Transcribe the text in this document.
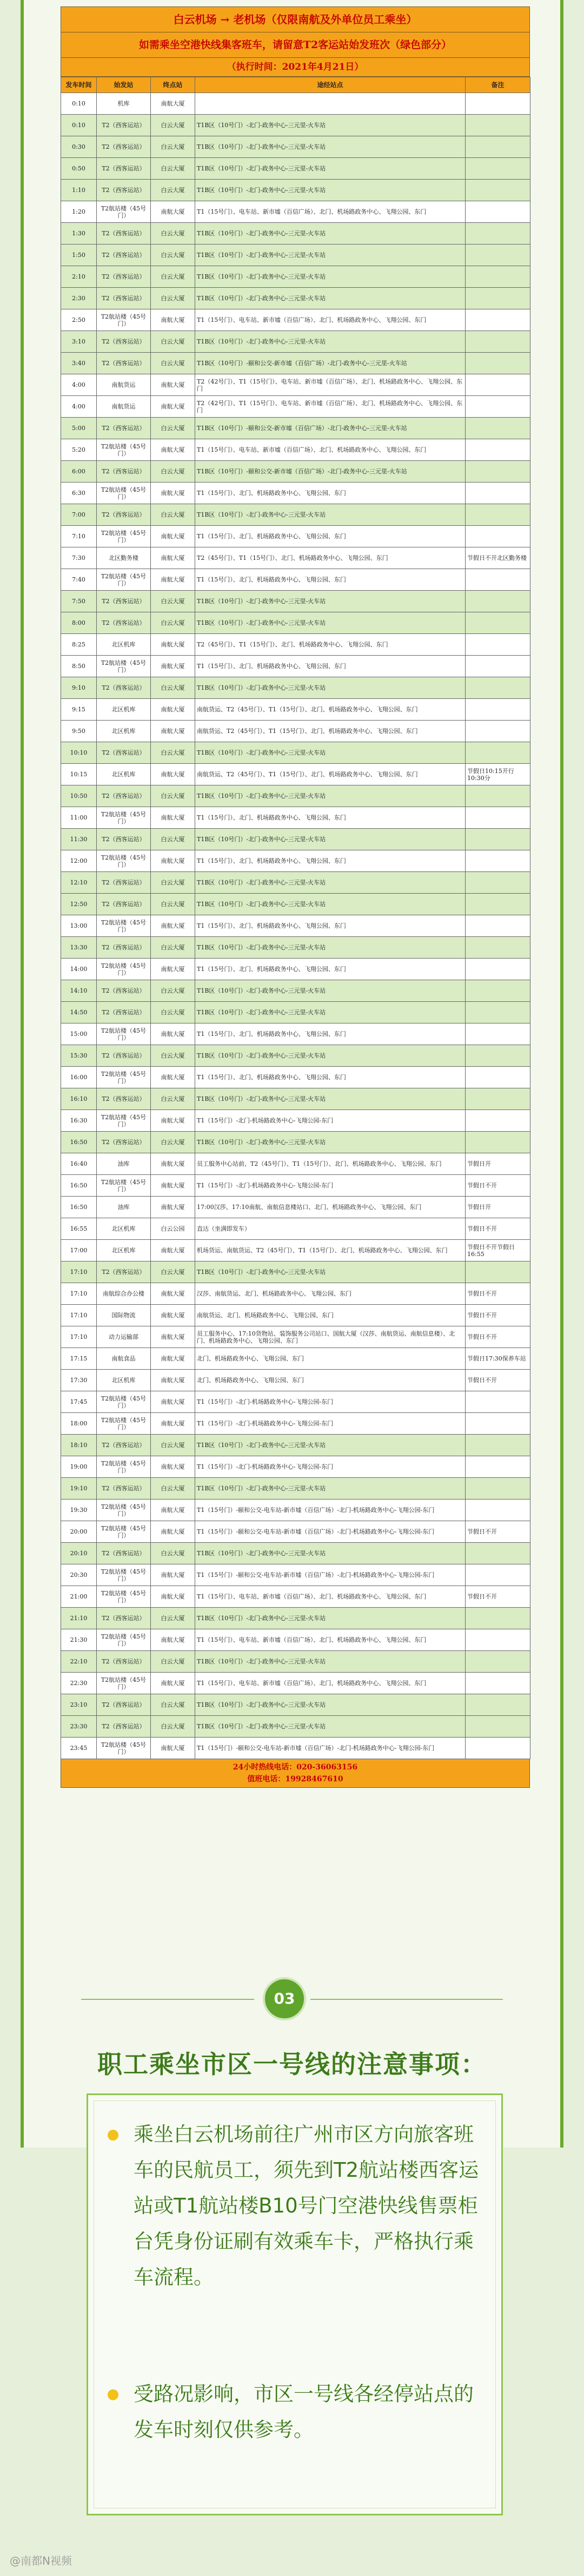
白云机场 → 老机场（仅限南航及外单位员工乘坐）
如需乘坐空港快线集客班车，请留意T2客运站始发班次（绿色部分）
（执行时间：2021年4月21日）
发车时间	始发站	终点站	途经站点	备注
0:10	机库	南航大厦		
0:10	T2（西客运站）	白云大厦	T1B区（10号门）-北门-政务中心-三元里-火车站	
0:30	T2（西客运站）	白云大厦	T1B区（10号门）-北门-政务中心-三元里-火车站	
0:50	T2（西客运站）	白云大厦	T1B区（10号门）-北门-政务中心-三元里-火车站	
1:10	T2（西客运站）	白云大厦	T1B区（10号门）-北门-政务中心-三元里-火车站	
1:20	T2航站楼（45号门）	南航大厦	T1（15号门）、电车站、新市墟（百信广场）、北门、机场路政务中心、飞翔公园、东门	
1:30	T2（西客运站）	白云大厦	T1B区（10号门）-北门-政务中心-三元里-火车站	
1:50	T2（西客运站）	白云大厦	T1B区（10号门）-北门-政务中心-三元里-火车站	
2:10	T2（西客运站）	白云大厦	T1B区（10号门）-北门-政务中心-三元里-火车站	
2:30	T2（西客运站）	白云大厦	T1B区（10号门）-北门-政务中心-三元里-火车站	
2:50	T2航站楼（45号门）	南航大厦	T1（15号门）、电车站、新市墟（百信广场）、北门、机场路政务中心、飞翔公园、东门	
3:10	T2（西客运站）	白云大厦	T1B区（10号门）-北门-政务中心-三元里-火车站	
3:40	T2（西客运站）	白云大厦	T1B区（10号门）-颐和公交-新市墟（百信广场）-北门-政务中心-三元里-火车站	
4:00	南航货运	南航大厦	T2（42号门）、T1（15号门）、电车站、新市墟（百信广场）、北门、机场路政务中心、飞翔公园、东门	
4:00	南航货运	南航大厦	T2（42号门）、T1（15号门）、电车站、新市墟（百信广场）、北门、机场路政务中心、飞翔公园、东门	
5:00	T2（西客运站）	白云大厦	T1B区（10号门）-颐和公交-新市墟（百信广场）-北门-政务中心-三元里-火车站	
5:20	T2航站楼（45号门）	南航大厦	T1（15号门）、电车站、新市墟（百信广场）、北门、机场路政务中心、飞翔公园、东门	
6:00	T2（西客运站）	白云大厦	T1B区（10号门）-颐和公交-新市墟（百信广场）-北门-政务中心-三元里-火车站	
6:30	T2航站楼（45号门）	南航大厦	T1（15号门）、北门、机场路政务中心、飞翔公园、东门	
7:00	T2（西客运站）	白云大厦	T1B区（10号门）-北门-政务中心-三元里-火车站	
7:10	T2航站楼（45号门）	南航大厦	T1（15号门）、北门、机场路政务中心、飞翔公园、东门	
7:30	北区勤务楼	南航大厦	T2（45号门）、T1（15号门）、北门、机场路政务中心、飞翔公园、东门	节假日不开北区勤务楼
7:40	T2航站楼（45号门）	南航大厦	T1（15号门）、北门、机场路政务中心、飞翔公园、东门	
7:50	T2（西客运站）	白云大厦	T1B区（10号门）-北门-政务中心-三元里-火车站	
8:00	T2（西客运站）	白云大厦	T1B区（10号门）-北门-政务中心-三元里-火车站	
8:25	北区机库	南航大厦	T2（45号门）、T1（15号门）、北门、机场路政务中心、飞翔公园、东门	
8:50	T2航站楼（45号门）	南航大厦	T1（15号门）、北门、机场路政务中心、飞翔公园、东门	
9:10	T2（西客运站）	白云大厦	T1B区（10号门）-北门-政务中心-三元里-火车站	
9:15	北区机库	南航大厦	南航货运、T2（45号门）、T1（15号门）、北门、机场路政务中心、飞翔公园、东门	
9:50	北区机库	南航大厦	南航货运、T2（45号门）、T1（15号门）、北门、机场路政务中心、飞翔公园、东门	
10:10	T2（西客运站）	白云大厦	T1B区（10号门）-北门-政务中心-三元里-火车站	
10:15	北区机库	南航大厦	南航货运、T2（45号门）、T1（15号门）、北门、机场路政务中心、飞翔公园、东门	节假日10:15开行10:30分
10:50	T2（西客运站）	白云大厦	T1B区（10号门）-北门-政务中心-三元里-火车站	
11:00	T2航站楼（45号门）	南航大厦	T1（15号门）、北门、机场路政务中心、飞翔公园、东门	
11:30	T2（西客运站）	白云大厦	T1B区（10号门）-北门-政务中心-三元里-火车站	
12:00	T2航站楼（45号门）	南航大厦	T1（15号门）、北门、机场路政务中心、飞翔公园、东门	
12:10	T2（西客运站）	白云大厦	T1B区（10号门）-北门-政务中心-三元里-火车站	
12:50	T2（西客运站）	白云大厦	T1B区（10号门）-北门-政务中心-三元里-火车站	
13:00	T2航站楼（45号门）	南航大厦	T1（15号门）、北门、机场路政务中心、飞翔公园、东门	
13:30	T2（西客运站）	白云大厦	T1B区（10号门）-北门-政务中心-三元里-火车站	
14:00	T2航站楼（45号门）	南航大厦	T1（15号门）、北门、机场路政务中心、飞翔公园、东门	
14:10	T2（西客运站）	白云大厦	T1B区（10号门）-北门-政务中心-三元里-火车站	
14:50	T2（西客运站）	白云大厦	T1B区（10号门）-北门-政务中心-三元里-火车站	
15:00	T2航站楼（45号门）	南航大厦	T1（15号门）、北门、机场路政务中心、飞翔公园、东门	
15:30	T2（西客运站）	白云大厦	T1B区（10号门）-北门-政务中心-三元里-火车站	
16:00	T2航站楼（45号门）	南航大厦	T1（15号门）、北门、机场路政务中心、飞翔公园、东门	
16:10	T2（西客运站）	白云大厦	T1B区（10号门）-北门-政务中心-三元里-火车站	
16:30	T2航站楼（45号门）	南航大厦	T1（15号门）-北门-机场路政务中心-飞翔公园-东门	
16:50	T2（西客运站）	白云大厦	T1B区（10号门）-北门-政务中心-三元里-火车站	
16:40	油库	南航大厦	员工服务中心站前、T2（45号门）、T1（15号门）、北门、机场路政务中心、飞翔公园、东门	节假日开
16:50	T2航站楼（45号门）	南航大厦	T1（15号门）-北门-机场路政务中心-飞翔公园-东门	节假日不开
16:50	油库	南航大厦	17:00汉莎、17:10南航、南航信息楼站口、北门、机场路政务中心、飞翔公园、东门	节假日开
16:55	北区机库	白云公园	直达（坐满即发车）	节假日不开
17:00	北区机库	南航大厦	机场货运、南航货运、T2（45号门）、T1（15号门）、北门、机场路政务中心、飞翔公园、东门	节假日不开节假日16:55
17:10	T2（西客运站）	白云大厦	T1B区（10号门）-北门-政务中心-三元里-火车站	
17:10	南航综合办公楼	南航大厦	汉莎、南航货运、北门、机场路政务中心、飞翔公园、东门	节假日不开
17:10	国际物流	南航大厦	南航货运、北门、机场路政务中心、飞翔公园、东门	节假日不开
17:10	动力运输部	南航大厦	员工服务中心、17:10货物站、装饰服务公司站口、国航大厦（汉莎、南航货运、南航信息楼）、北门、机场路政务中心、飞翔公园、东门	节假日不开
17:15	南航食品	南航大厦	北门、机场路政务中心、飞翔公园、东门	节假日17:30保养车站
17:30	北区机库	南航大厦	北门、机场路政务中心、飞翔公园、东门	节假日不开
17:45	T2航站楼（45号门）	南航大厦	T1（15号门）-北门-机场路政务中心-飞翔公园-东门	
18:00	T2航站楼（45号门）	南航大厦	T1（15号门）-北门-机场路政务中心-飞翔公园-东门	
18:10	T2（西客运站）	白云大厦	T1B区（10号门）-北门-政务中心-三元里-火车站	
19:00	T2航站楼（45号门）	南航大厦	T1（15号门）-北门-机场路政务中心-飞翔公园-东门	
19:10	T2（西客运站）	白云大厦	T1B区（10号门）-北门-政务中心-三元里-火车站	
19:30	T2航站楼（45号门）	南航大厦	T1（15号门）-颐和公交-电车站-新市墟（百信广场）-北门-机场路政务中心-飞翔公园-东门	
20:00	T2航站楼（45号门）	南航大厦	T1（15号门）-颐和公交-电车站-新市墟（百信广场）-北门-机场路政务中心-飞翔公园-东门	节假日不开
20:10	T2（西客运站）	白云大厦	T1B区（10号门）-北门-政务中心-三元里-火车站	
20:30	T2航站楼（45号门）	南航大厦	T1（15号门）-颐和公交-电车站-新市墟（百信广场）-北门-机场路政务中心-飞翔公园-东门	
21:00	T2航站楼（45号门）	南航大厦	T1（15号门）、电车站、新市墟（百信广场）、北门、机场路政务中心、飞翔公园、东门	节假日不开
21:10	T2（西客运站）	白云大厦	T1B区（10号门）-北门-政务中心-三元里-火车站	
21:30	T2航站楼（45号门）	南航大厦	T1（15号门）、电车站、新市墟（百信广场）、北门、机场路政务中心、飞翔公园、东门	
22:10	T2（西客运站）	白云大厦	T1B区（10号门）-北门-政务中心-三元里-火车站	
22:30	T2航站楼（45号门）	南航大厦	T1（15号门）、电车站、新市墟（百信广场）、北门、机场路政务中心、飞翔公园、东门	
23:10	T2（西客运站）	白云大厦	T1B区（10号门）-北门-政务中心-三元里-火车站	
23:30	T2（西客运站）	白云大厦	T1B区（10号门）-北门-政务中心-三元里-火车站	
23:45	T2航站楼（45号门）	南航大厦	T1（15号门）-颐和公交-电车站-新市墟（百信广场）-北门-机场路政务中心-飞翔公园-东门	
24小时热线电话：020-36063156
值班电话：19928467610
03
职工乘坐市区一号线的注意事项：
乘坐白云机场前往广州市区方向旅客班车的民航员工，须先到T2航站楼西客运站或T1航站楼B10号门空港快线售票柜台凭身份证刷有效乘车卡，严格执行乘车流程。
受路况影响，市区一号线各经停站点的发车时刻仅供参考。
@南都N视频
